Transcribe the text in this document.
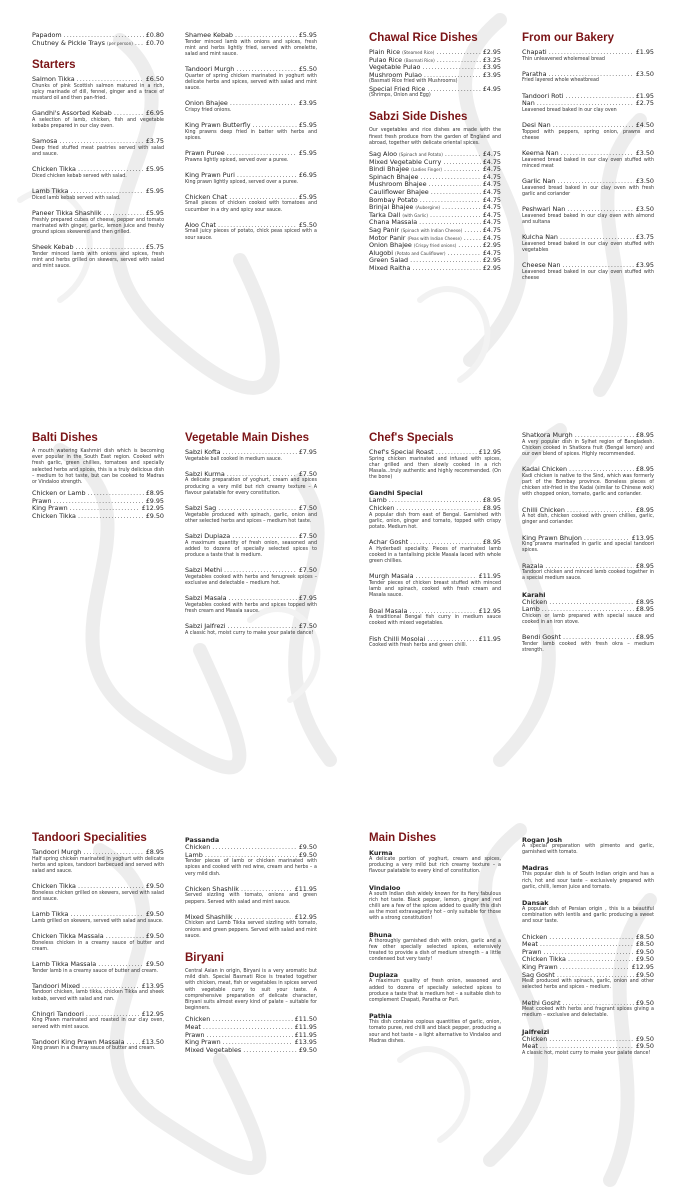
Papadom .....	£0.80
Chutney & Pickle Trays (per person) ..... £0.70
Starters
Salmon Tikka .....	£6.50
Chunks of pink Scottish salmon matured in a rich, spicy marinade of dill, fennel, ginger and a trace of mustard oil and then pan-fried.
Gandhi's Assorted Kebab .....	£6.95
A selection of lamb, chicken, fish and vegetable kebabs prepared in our clay oven.
Samosa .....	£3.75
Deep fried stuffed meat pastries served with salad and sauce.
Chicken Tikka .....	£5.95
Diced chicken kebab served with salad.
Lamb Tikka .....	£5.95
Diced lamb kebab served with salad.
Paneer Tikka Shashlik .....	£5.95
Freshly prepared cubes of cheese, pepper and tomato marinated with ginger, garlic, lemon juice and freshly ground spices skewered and then grilled.
Sheek Kebab .....	£5.75
Tender minced lamb with onions and spices, fresh mint and herbs grilled on skewers, served with salad and mint sauce.
Shamee Kebab .....	£5.95
Tender minced lamb with onions and spices, fresh mint and herbs lightly fried, served with omelette, salad and mint sauce.
Tandoori Murgh .....	£5.50
Quarter of spring chicken marinated in yoghurt with delicate herbs and spices, served with salad and mint sauce.
Onion Bhajee .....	£3.95
Crispy fried onions.
King Prawn Butterfly .....	£5.95
King prawns deep fried in batter with herbs and spices.
Prawn Puree .....	£5.95
Prawns lightly spiced, served over a puree.
King Prawn Puri .....	£6.95
King prawn lightly spiced, served over a puree.
Chicken Chat .....	£5.95
Small pieces of chicken cooked with tomatoes and cucumber in a dry and spicy sour sauce.
Aloo Chat .....	£5.50
Small juicy pieces of potato, chick peas spiced with a sour sauce.
Chawal Rice Dishes
Plain Rice (Steamed Rice) .....	£2.95
Pulao Rice (Basmati Rice) .....	£3.25
Vegetable Pulao .....	£3.95
Mushroom Pulao .....	£3.95
(Basmati Rice fried with Mushrooms)
Special Fried Rice .....	£4.95
(Shrimps, Onion and Egg)
Sabzi Side Dishes
Our vegetables and rice dishes are made with the finest fresh produce from the garden of England and abroad, together with delicate oriental spices.
Sag Aloo (Spinach and Potato) .....	£4.75
Mixed Vegetable Curry .....	£4.75
Bindi Bhajee (Ladies Finger) .....	£4.75
Spinach Bhajee .....	£4.75
Mushroom Bhajee .....	£4.75
Cauliflower Bhajee .....	£4.75
Bombay Potato .....	£4.75
Brinjal Bhajee (Aubergine) .....	£4.75
Tarka Dall (with Garlic) .....	£4.75
Chana Massala .....	£4.75
Sag Panir (Spinach with Indian Cheese) .....	£4.75
Motor Panir (Peas with Indian Cheese) .....	£4.75
Onion Bhajee (Crispy fried onions) .....	£2.95
Alugobi (Potato and Cauliflower) .....	£4.75
Green Salad .....	£2.95
Mixed Raitha .....	£2.95
From our Bakery
Chapati .....	£1.95
Thin unleavened wholemeal bread
Paratha .....	£3.50
Fried layered whole wheatbread
Tandoori Roti .....	£1.95
Nan .....	£2.75
Leavened bread baked in our clay oven
Desi Nan .....	£4.50
Topped with peppers, spring onion, prawns and cheese
Keema Nan .....	£3.50
Leavened bread baked in our clay oven stuffed with minced meat
Garlic Nan .....	£3.50
Leavened bread baked in our clay oven with fresh garlic and coriander
Peshwari Nan .....	£3.50
Leavened bread baked in our clay oven with almond and sultana
Kulcha Nan .....	£3.75
Leavened bread baked in our clay oven stuffed with vegetables
Cheese Nan .....	£3.95
Leavened bread baked in our clay oven stuffed with cheese
Balti Dishes
A mouth watering Kashmiri dish which is becoming ever popular in the South East region. Cooked with fresh garlic, green chillies, tomatoes and specially selected herbs and spices, this is a truly delicious dish – medium to hot taste, but can be cooked to Madras or Vindaloo strength.
Chicken or Lamb .....	£8.95
Prawn .....	£9.95
King Prawn .....	£12.95
Chicken Tikka .....	£9.50
Vegetable Main Dishes
Sabzi Kofta .....	£7.95
Vegetable ball cooked in medium sauce.
Sabzi Kurma .....	£7.50
A delicate preparation of yoghurt, cream and spices producing a very mild but rich creamy texture – A flavour palatable for every constitution.
Sabzi Sag .....	£7.50
Vegetable produced with spinach, garlic, onion and other selected herbs and spices – medium hot taste.
Sabzi Dupiaza .....	£7.50
A maximum quantity of fresh onion, seasoned and added to dozens of specially selected spices to produce a taste that is medium.
Sabzi Methi .....	£7.50
Vegetables cooked with herbs and fenugreek spices – exclusive and delectable – medium hot.
Sabzi Masala .....	£7.95
Vegetables cooked with herbs and spices topped with fresh cream and Masala sauce.
Sabzi Jalfrezi .....	£7.50
A classic hot, moist curry to make your palate dance!
Chef's Specials
Chef's Special Roast .....	£12.95
Spring chicken marinated and infused with spices, char grilled and then slowly cooked in a rich Masala...truly authentic and highly recommended. (On the bone)
Gandhi Special
Lamb .....	£8.95
Chicken .....	£8.95
A popular dish from east of Bengal. Garnished with garlic, onion, ginger and tomato, topped with crispy potato. Medium hot.
Achar Gosht .....	£8.95
A Hyderbadi speciality. Pieces of marinated lamb cooked in a tantalising pickle Masala laced with whole green chillies.
Murgh Masala .....	£11.95
Tender pieces of chicken breast stuffed with minced lamb and spinach, cooked with fresh cream and Masala sauce.
Boal Masala .....	£12.95
A traditional Bengal fish curry in medium sauce cooked with mixed vegetables.
Fish Chilli Mosolai .....	£11.95
Cooked with fresh herbs and green chilli.
Shatkora Murgh .....	£8.95
A very popular dish in Sylhet region of Bangladesh. Chicken cooked in Shatkora fruit (Bengal lemon) and our own blend of spices. Highly recommended.
Kadai Chicken .....	£8.95
Kadi chicken is native to the Sind, which was formerly part of the Bombay province. Boneless pieces of chicken stir-fried in the Kadai (similar to Chinese wok) with chopped onion, tomato, garlic and coriander.
Chilli Chicken .....	£8.95
A hot dish, chicken cooked with green chillies, garlic, ginger and coriander.
King Prawn Bhujon .....	£13.95
King prawns marinated in garlic and special tandoori spices.
Razala .....	£8.95
Tandoori chicken and minced lamb cooked together in a special medium sauce.
Karahi
Chicken .....	£8.95
Lamb .....	£8.95
Chicken or lamb prepared with special sauce and cooked in an iron stove.
Bendi Gosht .....	£8.95
Tender lamb cooked with fresh okra – medium strength.
Tandoori Specialities
Tandoori Murgh .....	£8.95
Half spring chicken marinated in yoghurt with delicate herbs and spices, tandoori barbecued and served with salad and sauce.
Chicken Tikka .....	£9.50
Boneless chicken grilled on skewers, served with salad and sauce.
Lamb Tikka .....	£9.50
Lamb grilled on skewers, served with salad and sauce.
Chicken Tikka Massala .....	£9.50
Boneless chicken in a creamy sauce of butter and cream.
Lamb Tikka Massala .....	£9.50
Tender lamb in a creamy sauce of butter and cream.
Tandoori Mixed .....	£13.95
Tandoori chicken, lamb tikka, chicken Tikka and sheek kebab, served with salad and nan.
Chingri Tandoori .....	£12.95
King Prawn marinated and roasted in our clay oven, served with mint sauce.
Tandoori King Prawn Massala .....	£13.50
King prawn in a creamy sauce of butter and cream.
Passanda
Chicken .....	£9.50
Lamb .....	£9.50
Tender pieces of lamb or chicken marinated with spices and cooked with red wine, cream and herbs – a very mild dish.
Chicken Shashlik .....	£11.95
Served sizzling with tomato, onions and green peppers. Served with salad and mint sauce.
Mixed Shashlik .....	£12.95
Chicken and Lamb Tikka served sizzling with tomato, onions and green peppers. Served with salad and mint sauce.
Biryani
Central Asian in origin, Biryani is a very aromatic but mild dish. Special Basmati Rice is treated together with chicken, meat, fish or vegetables in spices served with vegetable curry to suit your taste. A comprehensive preparation of delicate character, Biryani suits almost every kind of palate – suitable for beginners.
Chicken .....	£11.50
Meat .....	£11.95
Prawn .....	£11.95
King Prawn .....	£13.95
Mixed Vegetables .....	£9.50
Main Dishes
Kurma
A delicate portion of yoghurt, cream and spices, producing a very mild but rich creamy texture – a flavour palatable to every kind of constitution.
Vindaloo
A south Indian dish widely known for its fiery fabulous rich hot taste. Black pepper, lemon, ginger and red chilli are a few of the spices added to qualify this dish as the most extravagantly hot – only suitable for those with a strong constitution!
Bhuna
A thoroughly garnished dish with onion, garlic and a few other specially selected spices, extensively treated to provide a dish of medium strength – a little condensed but very tasty!
Dupiaza
A maximum quality of fresh onion, seasoned and added to dozens of specially selected spices to produce a taste that is medium hot – a suitable dish to complement Chapati, Paratha or Puri.
Pathia
This dish contains copious quantities of garlic, onion, tomato puree, red chilli and black pepper, producing a sour and hot taste – a light alternative to Vindaloo and Madras dishes.
Rogan Josh
A special preparation with pimento and garlic, garnished with tomato.
Madras
This popular dish is of South Indian origin and has a rich, hot and sour taste – exclusively prepared with garlic, chilli, lemon juice and tomato.
Dansak
A popular dish of Persian origin , this is a beautiful combination with lentils and garlic producing a sweet and sour taste.
Chicken .....	£8.50
Meat .....	£8.50
Prawn .....	£9.50
Chicken Tikka .....	£9.50
King Prawn .....	£12.95
Sag Gosht .....	£9.50
Meat produced with spinach, garlic, onion and other selected herbs and spices – medium.
Methi Gosht .....	£9.50
Meat cooked with herbs and fragrant spices giving a medium – exclusive and delectable.
Jalfreizi
Chicken .....	£9.50
Meat .....	£9.50
A classic hot, moist curry to make your palate dance!
